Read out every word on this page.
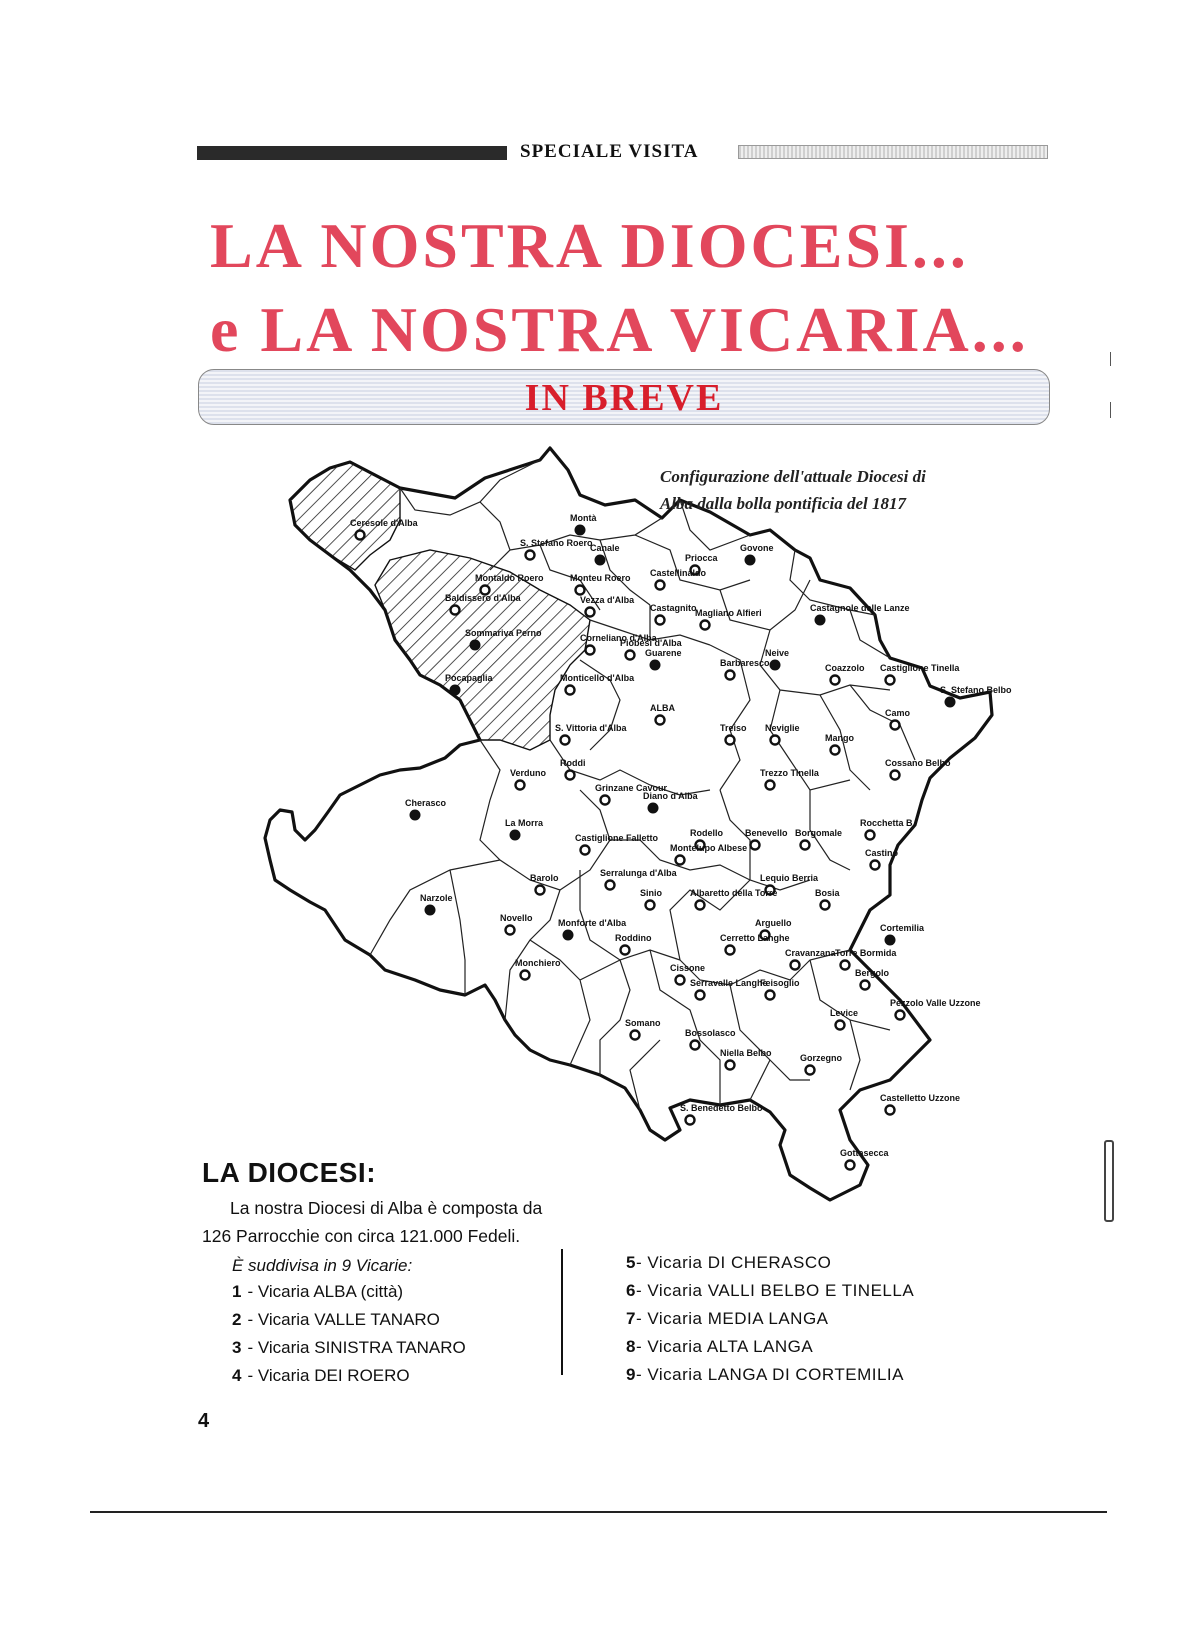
SPECIALE VISITA
LA NOSTRA DIOCESI...
e LA NOSTRA VICARIA...
IN BREVE
Configurazione dell'attuale Diocesi di
Alba dalla bolla pontificia del 1817
Montà
Ceresole d'Alba
S. Stefano Roero
Canale
Priocca
Govone
Monteu Roero Castellinaldo
Montaldo Roero
Baldissero d'Alba	Vezza d'Alba
Castagnito
Magliano Alfieri	Castagnole delle Lanze
Sommariva Perno	Corneliano d'Alba
Piobesi d'Alba
Guarene
Barbaresco
Neive
Coazzolo Castiglione Tinella
Pocapaglia	Monticello d'Alba
S. Stefano Belbo
ALBA
S. Vittoria d'Alba	Treiso Neviglie
Mango
Camo
Roddi
Verduno	Trezzo Tinella
Cossano Belbo
Grinzane Cavour
Diano d'Alba
Cherasco
La Morra	Rocchetta B.
Castiglione Falletto	Rodello Benevello Borgomale
Castino
Serralunga d'Alba
Montelupo Albese
Barolo	Lequio Berria
Sinio	Albaretto della Torre	Bosia
Narzole
Novello	Monforte d'Alba	Arguello	Cortemilia
Roddino	Cerretto Langhe
Cravanzana Torre Bormida
Monchiero	Cissone
Serravalle Langhe
Feisoglio
Bergolo
Levice
Pezzolo Valle Uzzone
Somano
Bossolasco
Niella Belbo	Gorzegno
S. Benedetto Belbo
Castelletto Uzzone
Gottasecca
LA DIOCESI:
La nostra Diocesi di Alba è composta da
126 Parrocchie con circa 121.000 Fedeli.
È suddivisa in 9 Vicarie:
1 - Vicaria ALBA (città)
2 - Vicaria VALLE TANARO
3 - Vicaria SINISTRA TANARO
4 - Vicaria DEI ROERO
5- Vicaria DI CHERASCO
6- Vicaria VALLI BELBO E TINELLA
7- Vicaria MEDIA LANGA
8- Vicaria ALTA LANGA
9- Vicaria LANGA DI CORTEMILIA
4
